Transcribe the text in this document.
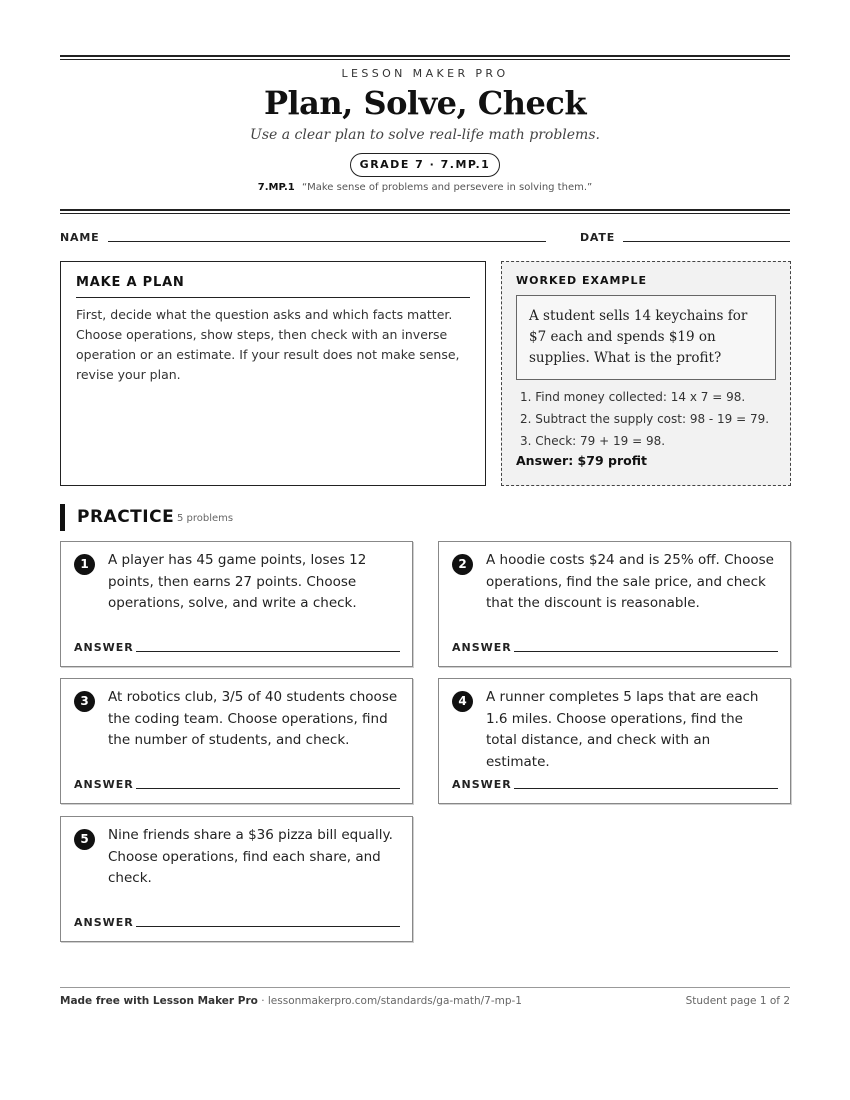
LESSON MAKER PRO
Plan, Solve, Check
Use a clear plan to solve real-life math problems.
GRADE 7 · 7.MP.1
7.MP.1 “Make sense of problems and persevere in solving them.”
NAME	DATE
MAKE A PLAN
First, decide what the question asks and which facts matter. Choose operations, show steps, then check with an inverse operation or an estimate. If your result does not make sense, revise your plan.
WORKED EXAMPLE
A student sells 14 keychains for $7 each and spends $19 on supplies. What is the profit?
1. Find money collected: 14 x 7 = 98.
2. Subtract the supply cost: 98 - 19 = 79.
3. Check: 79 + 19 = 98.
Answer: $79 profit
PRACTICE 5 problems
1	A player has 45 game points, loses 12 points, then earns 27 points. Choose operations, solve, and write a check.
ANSWER
2	A hoodie costs $24 and is 25% off. Choose operations, find the sale price, and check that the discount is reasonable.
ANSWER
3	At robotics club, 3/5 of 40 students choose the coding team. Choose operations, find the number of students, and check.
ANSWER
4	A runner completes 5 laps that are each 1.6 miles. Choose operations, find the total distance, and check with an estimate.
ANSWER
5	Nine friends share a $36 pizza bill equally. Choose operations, find each share, and check.
ANSWER
Made free with Lesson Maker Pro · lessonmakerpro.com/standards/ga-math/7-mp-1	Student page 1 of 2
